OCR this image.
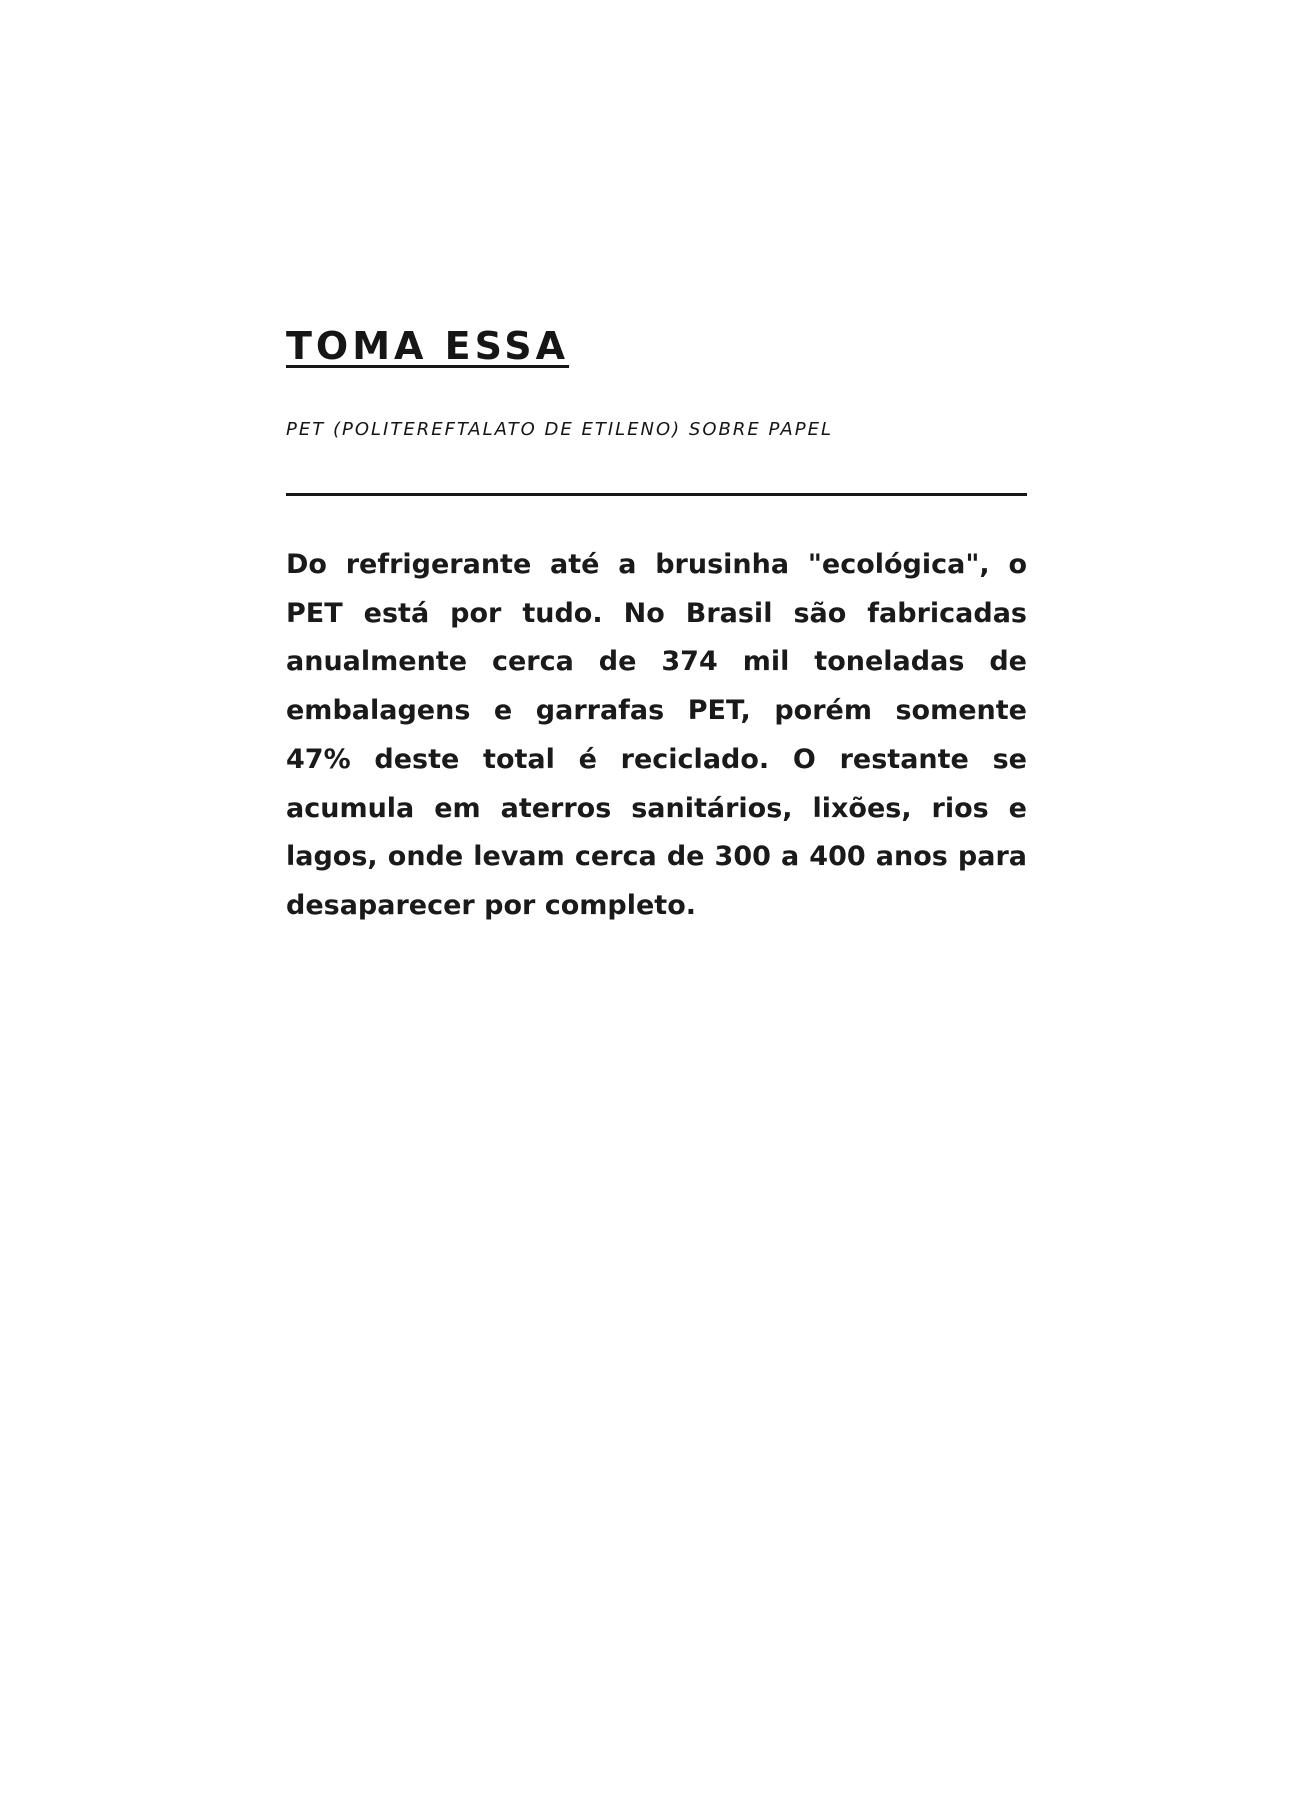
TOMA ESSA
PET (POLITEREFTALATO DE ETILENO) SOBRE PAPEL

Do refrigerante até a brusinha "ecológica", o PET está por tudo. No Brasil são fabricadas anualmente cerca de 374 mil toneladas de embalagens e garrafas PET, porém somente 47% deste total é reciclado. O restante se acumula em aterros sanitários, lixões, rios e lagos, onde levam cerca de 300 a 400 anos para desaparecer por completo.
